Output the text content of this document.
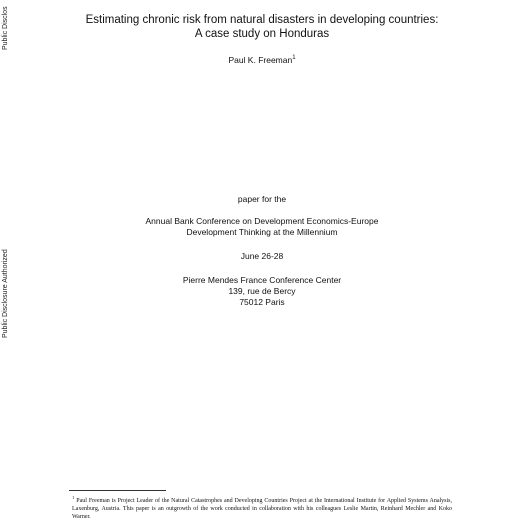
Public Disclos
Public Disclosure Authorized
Estimating chronic risk from natural disasters in developing countries:
A case study on Honduras
Paul K. Freeman$^1$
paper for the
Annual Bank Conference on Development Economics-Europe
Development Thinking at the Millennium
June 26-28
Pierre Mendes France Conference Center
139, rue de Bercy
75012 Paris
$^1$Paul Freeman is Project Leader of the Natural Catastrophes and Developing Countries Project at the International Institute for Applied Systems Analysis, Laxenburg, Austria. This paper is an outgrowth of the work conducted in collaboration with his colleagues Leslie Martin, Reinhard Mechler and Koko Warner.
